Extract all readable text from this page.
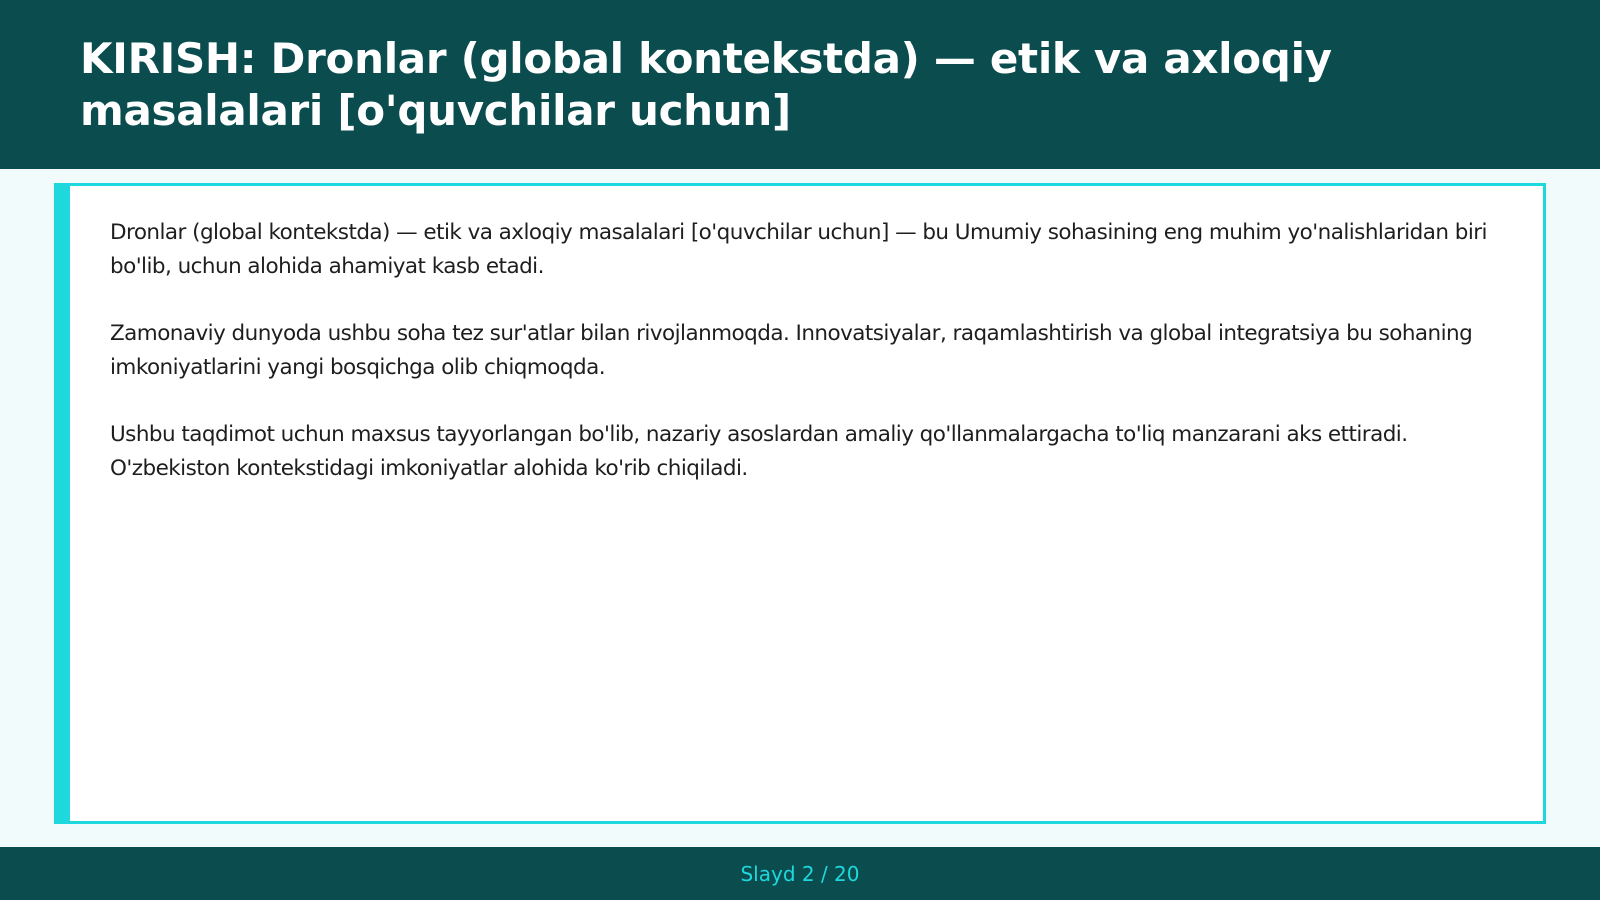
KIRISH: Dronlar (global kontekstda) — etik va axloqiy masalalari [o'quvchilar uchun]

Dronlar (global kontekstda) — etik va axloqiy masalalari [o'quvchilar uchun] — bu Umumiy sohasining eng muhim yo'nalishlaridan biri bo'lib, uchun alohida ahamiyat kasb etadi.

Zamonaviy dunyoda ushbu soha tez sur'atlar bilan rivojlanmoqda. Innovatsiyalar, raqamlashtirish va global integratsiya bu sohaning imkoniyatlarini yangi bosqichga olib chiqmoqda.

Ushbu taqdimot uchun maxsus tayyorlangan bo'lib, nazariy asoslardan amaliy qo'llanmalargacha to'liq manzarani aks ettiradi. O'zbekiston kontekstidagi imkoniyatlar alohida ko'rib chiqiladi.

Slayd 2 / 20
